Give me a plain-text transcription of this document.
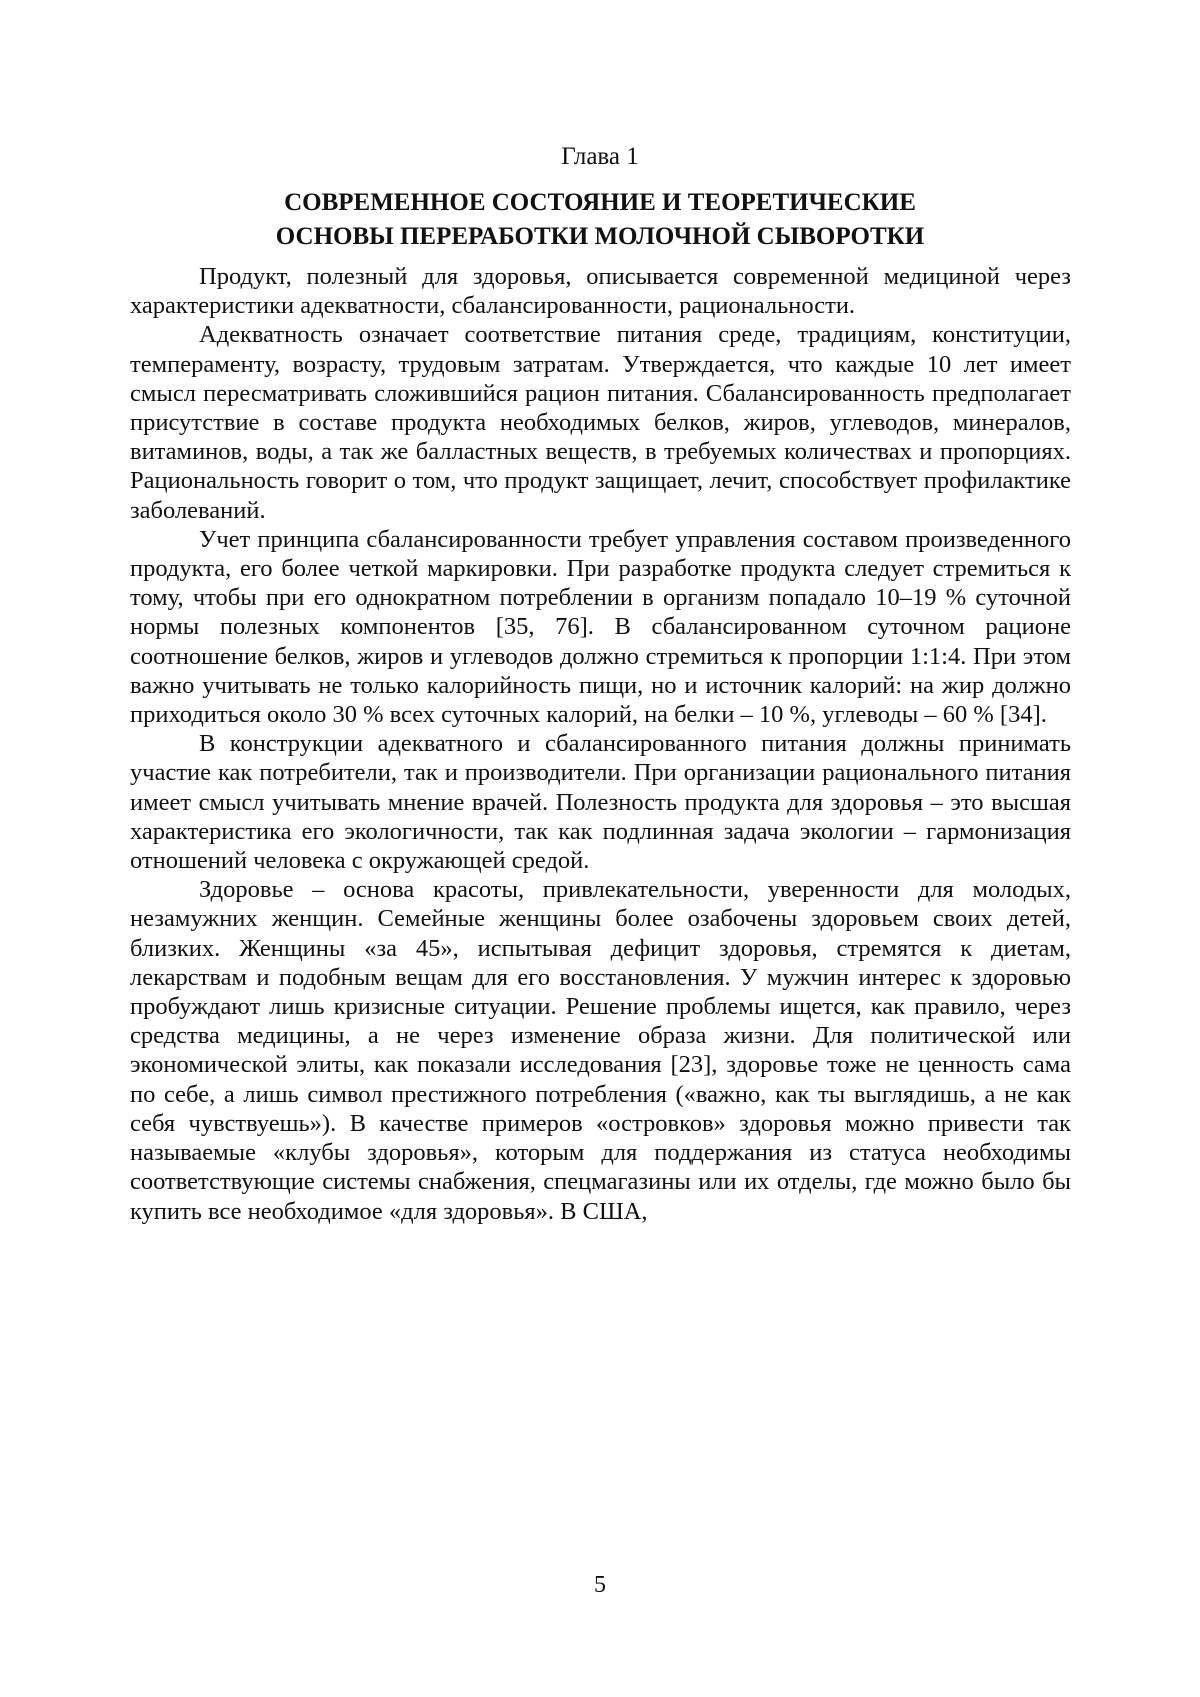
Глава 1
СОВРЕМЕННОЕ СОСТОЯНИЕ И ТЕОРЕТИЧЕСКИЕ
ОСНОВЫ ПЕРЕРАБОТКИ МОЛОЧНОЙ СЫВОРОТКИ

Продукт, полезный для здоровья, описывается современной медициной через характеристики адекватности, сбалансированности, рациональности.

Адекватность означает соответствие питания среде, традициям, конституции, темпераменту, возрасту, трудовым затратам. Утверждается, что каждые 10 лет имеет смысл пересматривать сложившийся рацион питания. Сбалансированность предполагает присутствие в составе продукта необходимых белков, жиров, углеводов, минералов, витаминов, воды, а так же балластных веществ, в требуемых количествах и пропорциях. Рациональность говорит о том, что продукт защищает, лечит, способствует профилактике заболеваний.

Учет принципа сбалансированности требует управления составом произведенного продукта, его более четкой маркировки. При разработке продукта следует стремиться к тому, чтобы при его однократном потреблении в организм попадало 10–19 % суточной нормы полезных компонентов [35, 76]. В сбалансированном суточном рационе соотношение белков, жиров и углеводов должно стремиться к пропорции 1:1:4. При этом важно учитывать не только калорийность пищи, но и источник калорий: на жир должно приходиться около 30 % всех суточных калорий, на белки – 10 %, углеводы – 60 % [34].

В конструкции адекватного и сбалансированного питания должны принимать участие как потребители, так и производители. При организации рационального питания имеет смысл учитывать мнение врачей. Полезность продукта для здоровья – это высшая характеристика его экологичности, так как подлинная задача экологии – гармонизация отношений человека с окружающей средой.

Здоровье – основа красоты, привлекательности, уверенности для молодых, незамужних женщин. Семейные женщины более озабочены здоровьем своих детей, близких. Женщины «за 45», испытывая дефицит здоровья, стремятся к диетам, лекарствам и подобным вещам для его восстановления. У мужчин интерес к здоровью пробуждают лишь кризисные ситуации. Решение проблемы ищется, как правило, через средства медицины, а не через изменение образа жизни. Для политической или экономической элиты, как показали исследования [23], здоровье тоже не ценность сама по себе, а лишь символ престижного потребления («важно, как ты выглядишь, а не как себя чувствуешь»). В качестве примеров «островков» здоровья можно привести так называемые «клубы здоровья», которым для поддержания из статуса необходимы соответствующие системы снабжения, спецмагазины или их отделы, где можно было бы купить все необходимое «для здоровья». В США,

5
